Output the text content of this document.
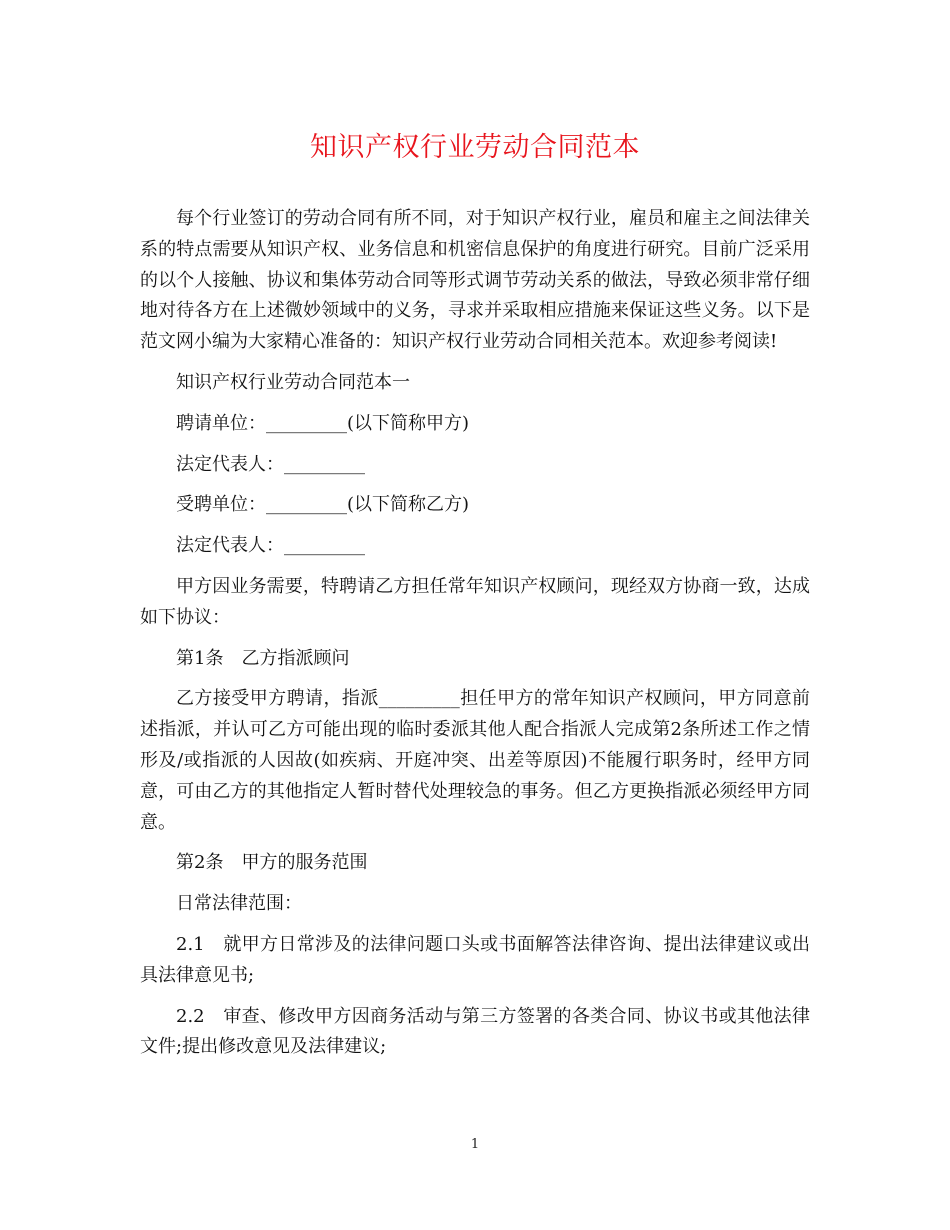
知识产权行业劳动合同范本

每个行业签订的劳动合同有所不同，对于知识产权行业，雇员和雇主之间法律关系的特点需要从知识产权、业务信息和机密信息保护的角度进行研究。目前广泛采用的以个人接触、协议和集体劳动合同等形式调节劳动关系的做法，导致必须非常仔细地对待各方在上述微妙领域中的义务，寻求并采取相应措施来保证这些义务。以下是范文网小编为大家精心准备的：知识产权行业劳动合同相关范本。欢迎参考阅读!

知识产权行业劳动合同范本一

聘请单位：_________(以下简称甲方)

法定代表人：_________

受聘单位：_________(以下简称乙方)

法定代表人：_________

甲方因业务需要，特聘请乙方担任常年知识产权顾问，现经双方协商一致，达成如下协议：

第1条　乙方指派顾问

乙方接受甲方聘请，指派_________担任甲方的常年知识产权顾问，甲方同意前述指派，并认可乙方可能出现的临时委派其他人配合指派人完成第2条所述工作之情形及/或指派的人因故(如疾病、开庭冲突、出差等原因)不能履行职务时，经甲方同意，可由乙方的其他指定人暂时替代处理较急的事务。但乙方更换指派必须经甲方同意。

第2条　甲方的服务范围

日常法律范围：

2.1　就甲方日常涉及的法律问题口头或书面解答法律咨询、提出法律建议或出具法律意见书;

2.2　审查、修改甲方因商务活动与第三方签署的各类合同、协议书或其他法律文件;提出修改意见及法律建议;

1
